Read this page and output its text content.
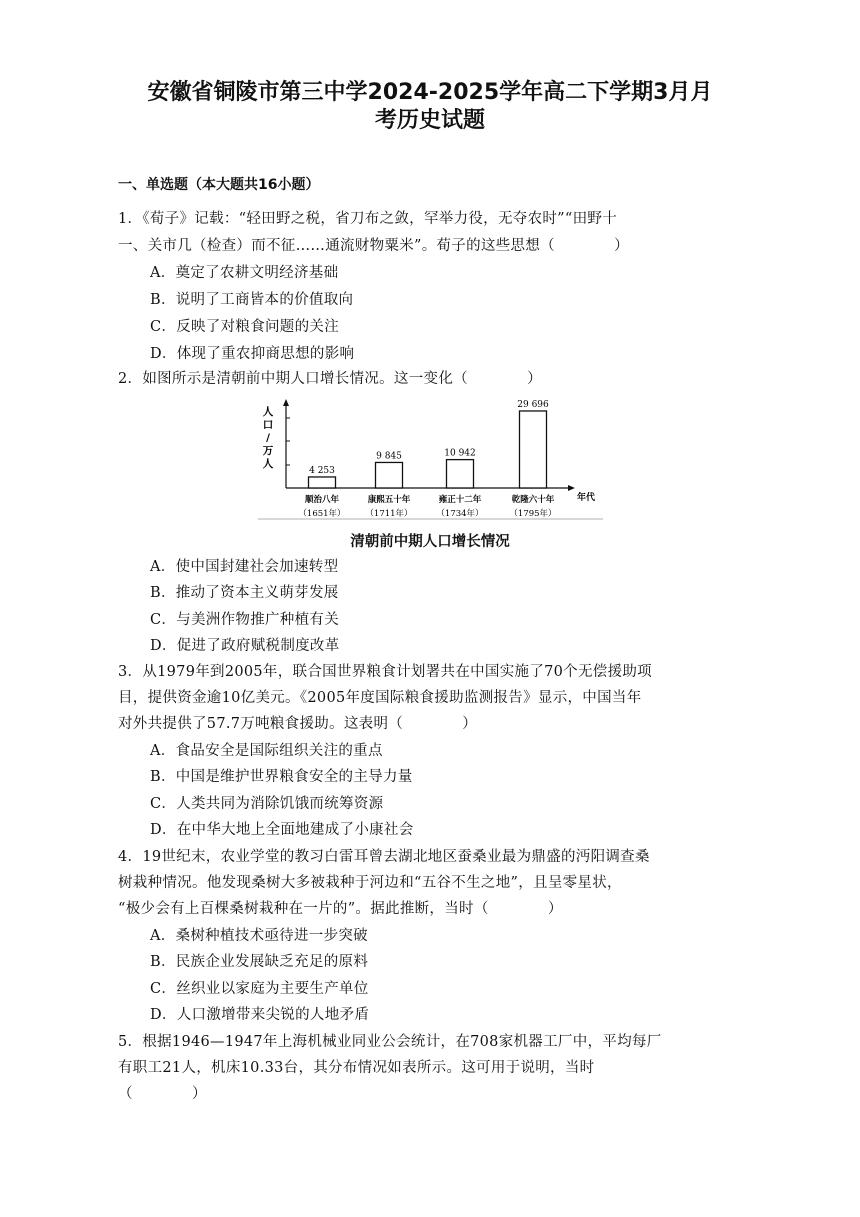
安徽省铜陵市第三中学2024-2025学年高二下学期3月月
考历史试题
一、单选题（本大题共16小题）
1．《荀子》记载：“轻田野之税，省刀布之敛，罕举力役，无夺农时”“田野十
一、关市几（检查）而不征……通流财物粟米”。荀子的这些思想（　　　　）
A．奠定了农耕文明经济基础
B．说明了工商皆本的价值取向
C．反映了对粮食问题的关注
D．体现了重农抑商思想的影响
2．如图所示是清朝前中期人口增长情况。这一变化（　　　　）
人
口
/
万
人
年代
4 253
顺治八年
（1651年）
9 845
康熙五十年
（1711年）
10 942
雍正十二年
（1734年）
29 696
乾隆六十年
（1795年）
清朝前中期人口增长情况
A．使中国封建社会加速转型
B．推动了资本主义萌芽发展
C．与美洲作物推广种植有关
D．促进了政府赋税制度改革
3．从1979年到2005年，联合国世界粮食计划署共在中国实施了70个无偿援助项
目，提供资金逾10亿美元。《2005年度国际粮食援助监测报告》显示，中国当年
对外共提供了57.7万吨粮食援助。这表明（　　　　）
A．食品安全是国际组织关注的重点
B．中国是维护世界粮食安全的主导力量
C．人类共同为消除饥饿而统筹资源
D．在中华大地上全面地建成了小康社会
4．19世纪末，农业学堂的教习白雷耳曾去湖北地区蚕桑业最为鼎盛的沔阳调查桑
树栽种情况。他发现桑树大多被栽种于河边和“五谷不生之地”，且呈零星状，
“极少会有上百棵桑树栽种在一片的”。据此推断，当时（　　　　）
A．桑树种植技术亟待进一步突破
B．民族企业发展缺乏充足的原料
C．丝织业以家庭为主要生产单位
D．人口激增带来尖锐的人地矛盾
5．根据1946—1947年上海机械业同业公会统计，在708家机器工厂中，平均每厂
有职工21人，机床10.33台，其分布情况如表所示。这可用于说明，当时
（　　　　）
